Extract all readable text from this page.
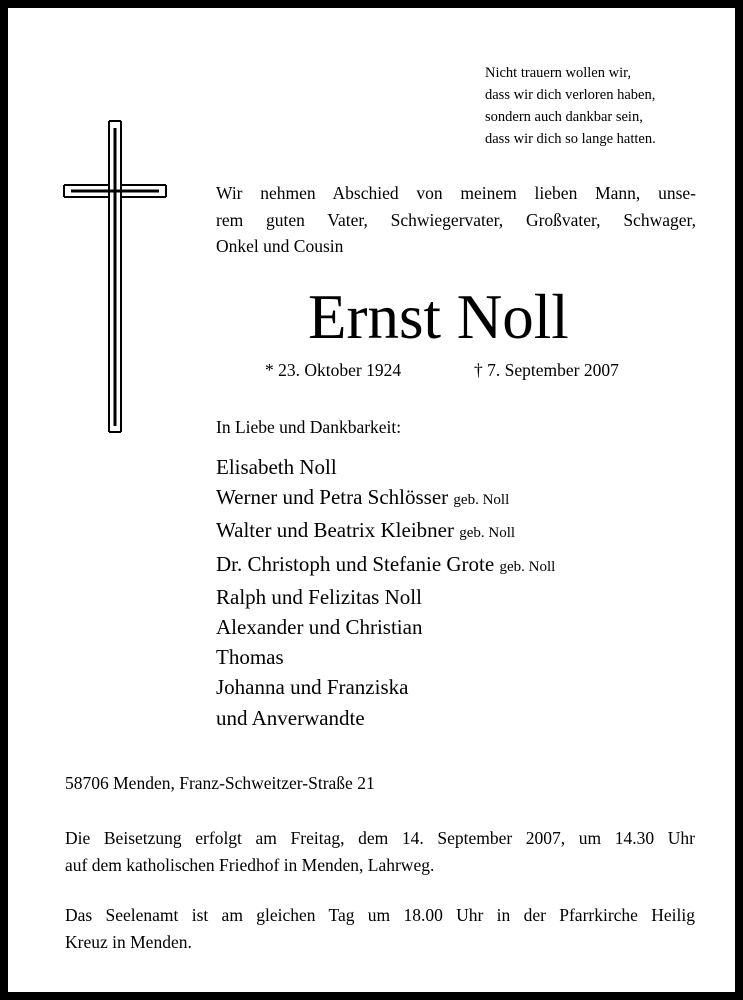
Nicht trauern wollen wir,
dass wir dich verloren haben,
sondern auch dankbar sein,
dass wir dich so lange hatten.
Wir nehmen Abschied von meinem lieben Mann, unse-
rem guten Vater, Schwiegervater, Großvater, Schwager,
Onkel und Cousin
Ernst Noll
* 23. Oktober 1924	† 7. September 2007
In Liebe und Dankbarkeit:
Elisabeth Noll
Werner und Petra Schlösser geb. Noll
Walter und Beatrix Kleibner geb. Noll
Dr. Christoph und Stefanie Grote geb. Noll
Ralph und Felizitas Noll
Alexander und Christian
Thomas
Johanna und Franziska
und Anverwandte
58706 Menden, Franz-Schweitzer-Straße 21
Die Beisetzung erfolgt am Freitag, dem 14. September 2007, um 14.30 Uhr
auf dem katholischen Friedhof in Menden, Lahrweg.
Das Seelenamt ist am gleichen Tag um 18.00 Uhr in der Pfarrkirche Heilig
Kreuz in Menden.
